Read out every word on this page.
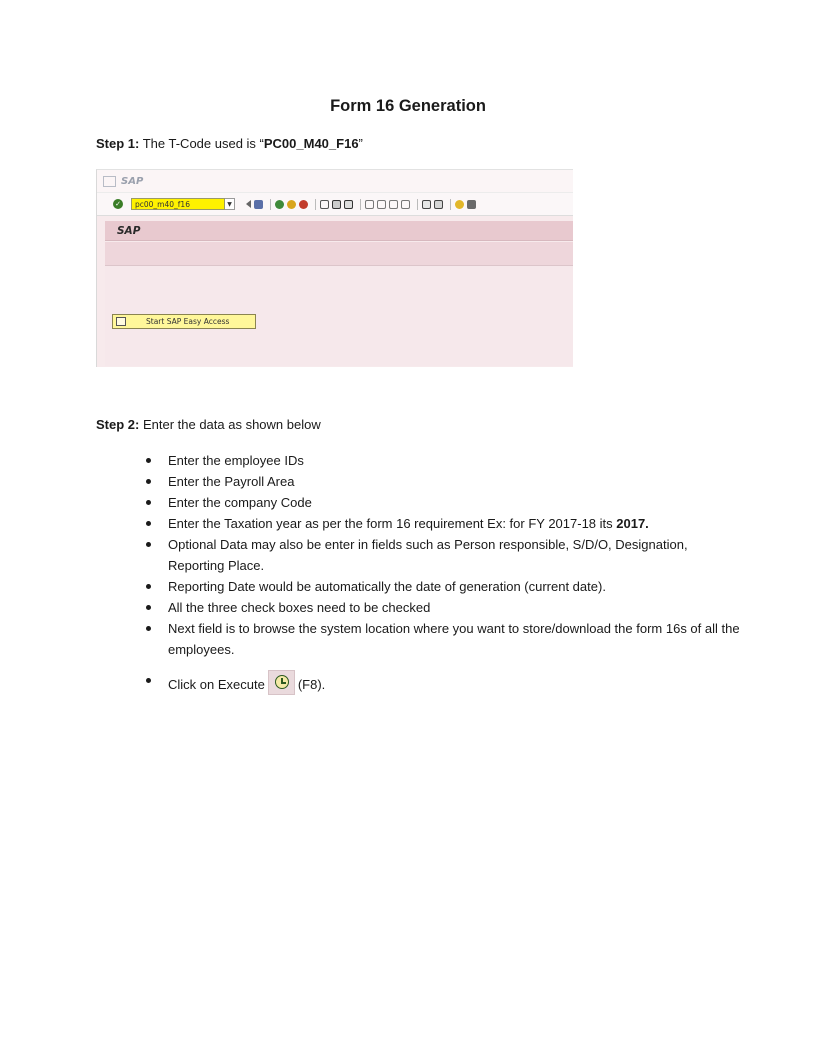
Form 16 Generation
Step 1: The T-Code used is “PC00_M40_F16”
SAP
✓	pc00_m40_f16	▼
SAP
Start SAP Easy Access
Step 2: Enter the data as shown below
Enter the employee IDs
Enter the Payroll Area
Enter the company Code
Enter the Taxation year as per the form 16 requirement Ex: for FY 2017-18 its 2017.
Optional Data may also be enter in fields such as Person responsible, S/D/O, Designation, Reporting Place.
Reporting Date would be automatically the date of generation (current date).
All the three check boxes need to be checked
Next field is to browse the system location where you want to store/download the form 16s of all the employees.
Click on Execute	(F8).
